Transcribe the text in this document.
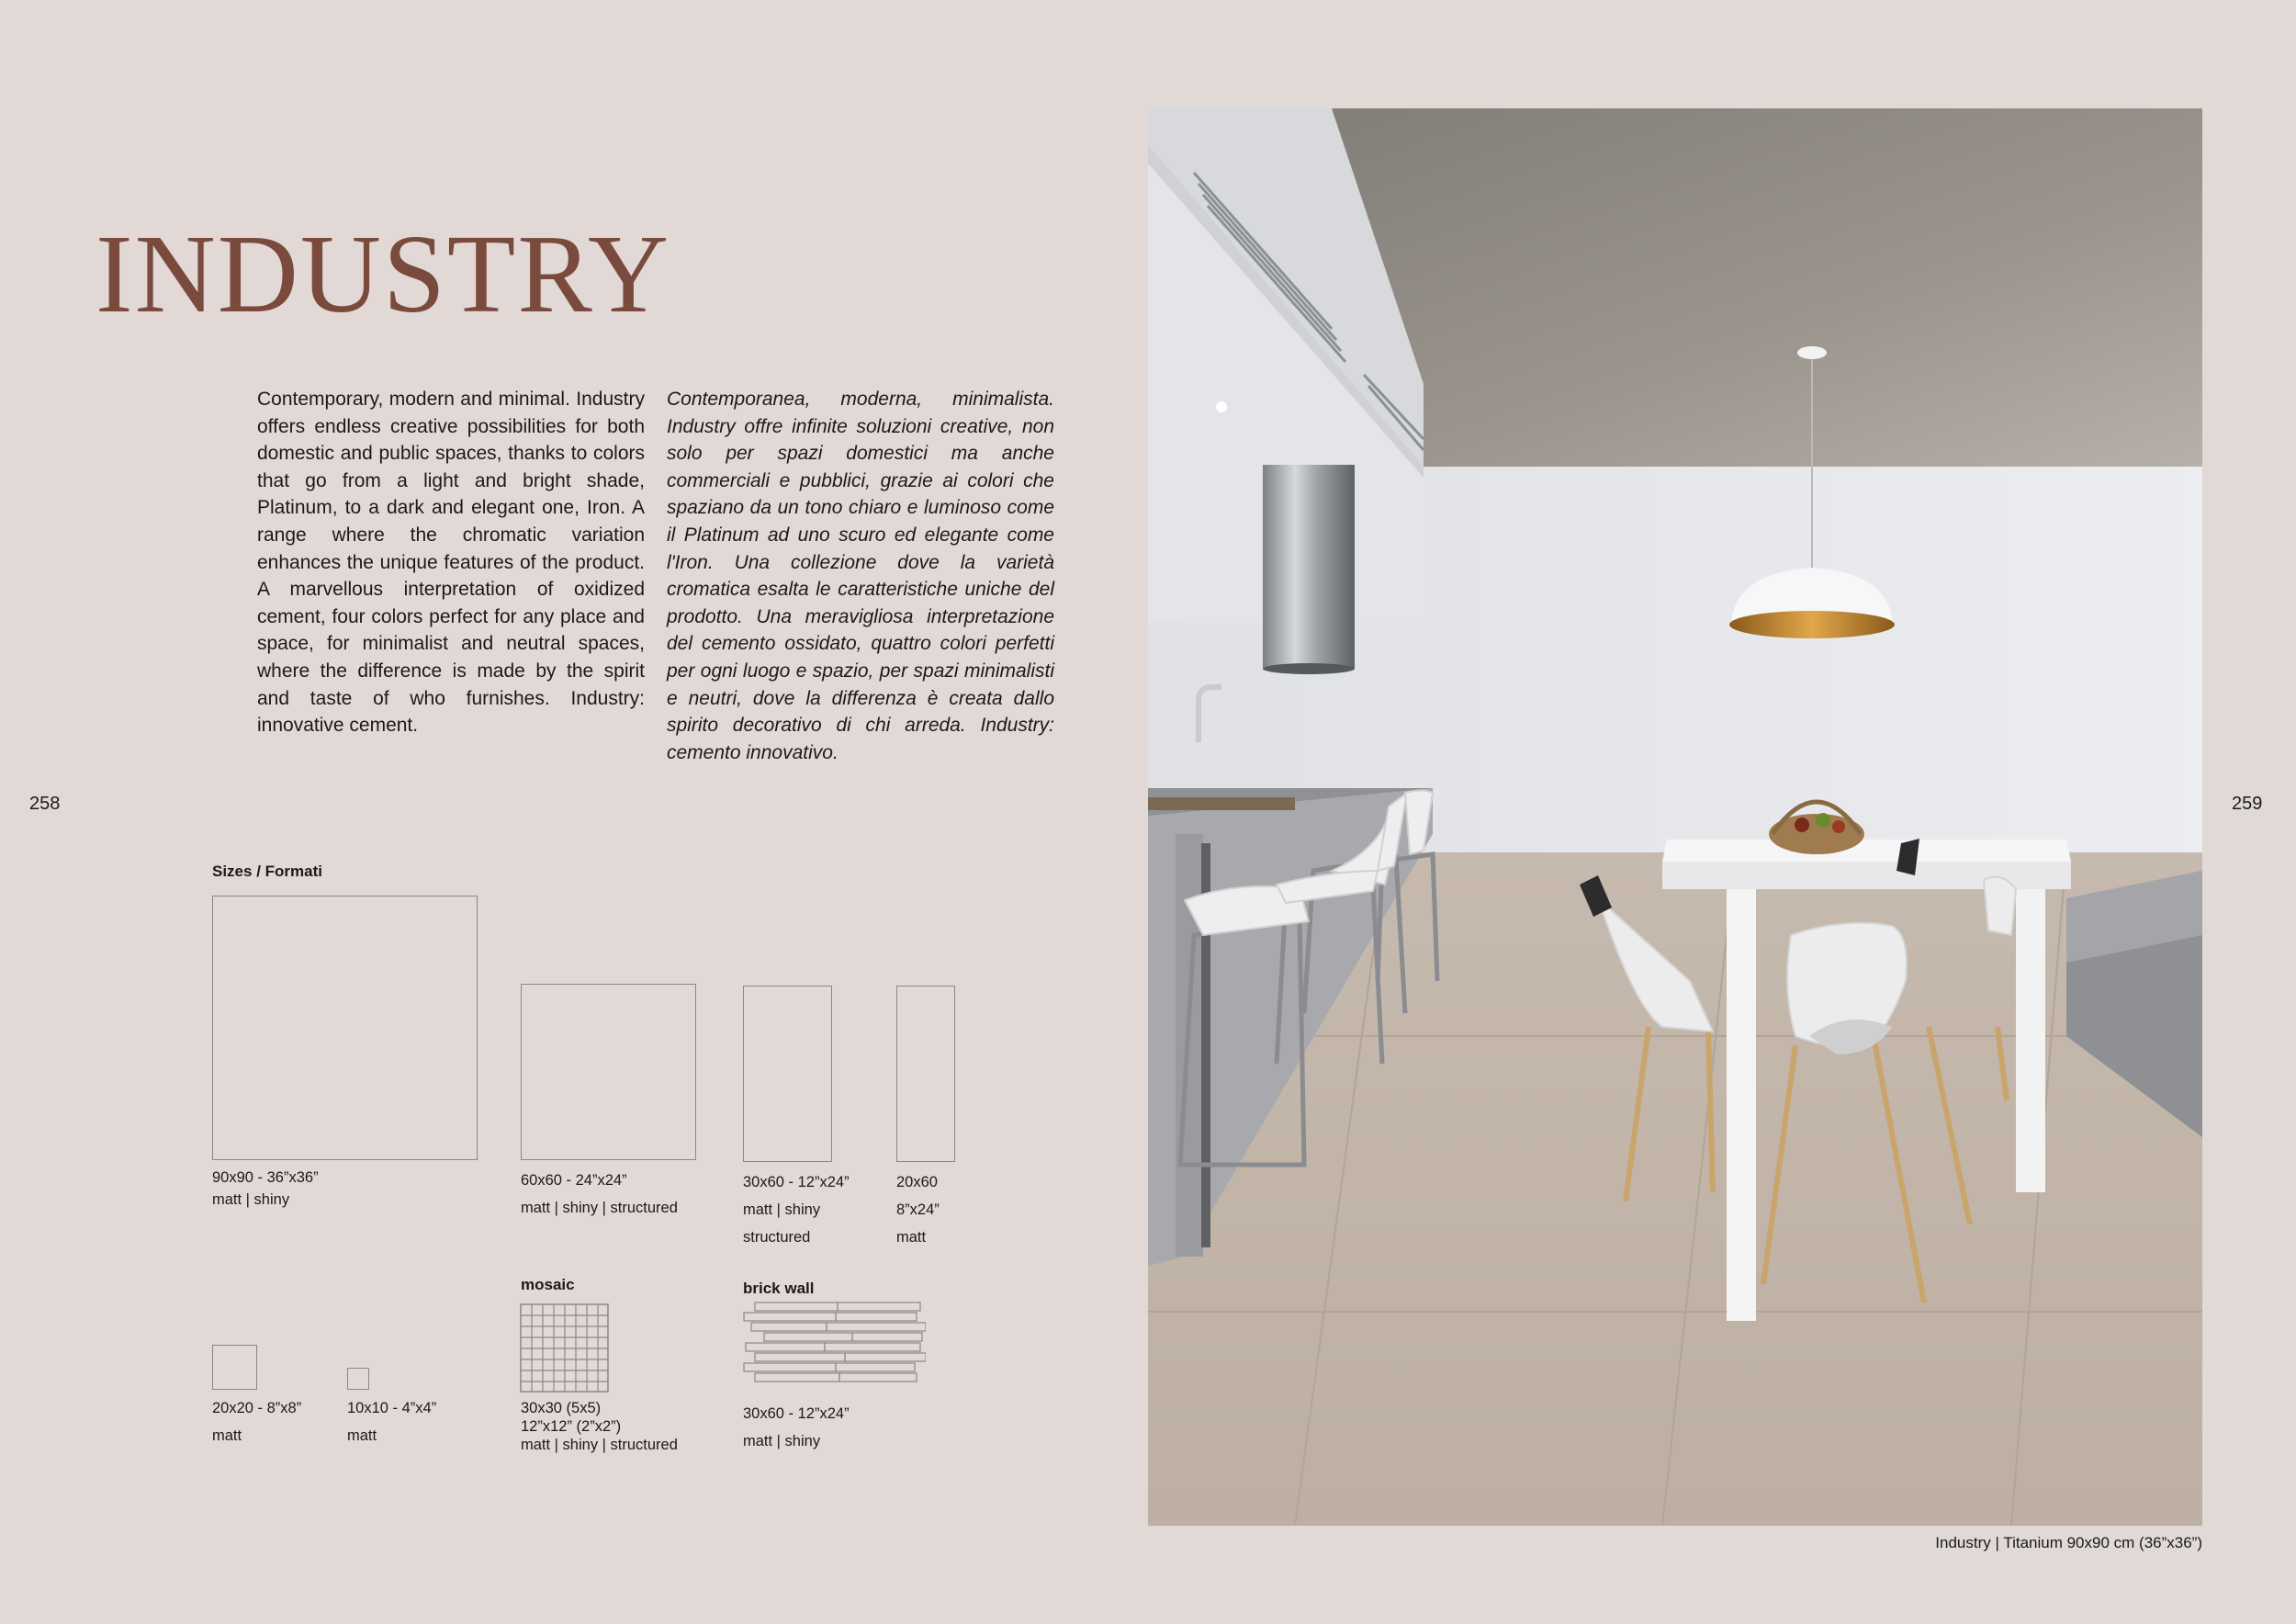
INDUSTRY

Contemporary, modern and minimal. Industry offers endless creative possibilities for both domestic and public spaces, thanks to colors that go from a light and bright shade, Platinum, to a dark and elegant one, Iron. A range where the chromatic variation enhances the unique features of the product. A marvellous interpretation of oxidized cement, four colors perfect for any place and space, for minimalist and neutral spaces, where the difference is made by the spirit and taste of who furnishes. Industry: innovative cement.

Contemporanea, moderna, minimalista. Industry offre infinite soluzioni creative, non solo per spazi domestici ma anche commerciali e pubblici, grazie ai colori che spaziano da un tono chiaro e luminoso come il Platinum ad uno scuro ed elegante come l'Iron. Una collezione dove la varietà cromatica esalta le caratteristiche uniche del prodotto. Una meravigliosa interpretazione del cemento ossidato, quattro colori perfetti per ogni luogo e spazio, per spazi minimalisti e neutri, dove la differenza è creata dallo spirito decorativo di chi arreda. Industry: cemento innovativo.

258
Sizes / Formati
90x90 - 36”x36”
matt | shiny
60x60 - 24”x24”
matt | shiny | structured
30x60 - 12”x24”
matt | shiny
structured
20x60
8”x24”
matt
20x20 - 8”x8”
matt
10x10 - 4”x4”
matt
mosaic
30x30 (5x5)
12”x12” (2”x2”)
matt | shiny | structured
brick wall
30x60 - 12”x24”
matt | shiny
259
Industry | Titanium 90x90 cm (36”x36”)
